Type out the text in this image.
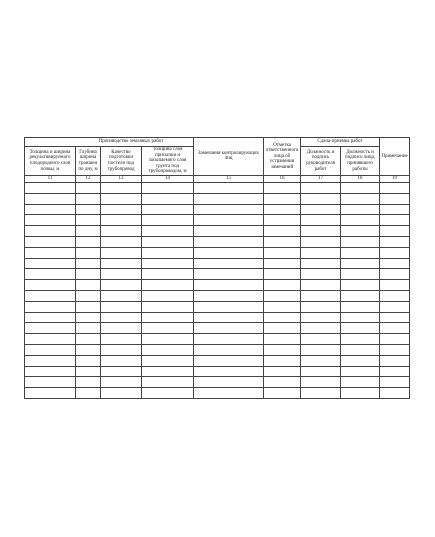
Производство земляных работ				Замечания контролирующих лиц	Отметка ответственного лица об устранении замечаний	Сдача-приемка работ		Примечание
Толщина и ширина рекультивируемого плодородного слоя почвы, м	Глубина ширина траншеи по дну, м	Качество подготовки постели под трубопровод	Толщина слоя присыпки и засыпаемого слоя грунта под трубопроводом, м			Должность и подпись руководителя работ	Должность и подпись лица, принявшего работы	
11	12	13	14	15	16	17	18	19
